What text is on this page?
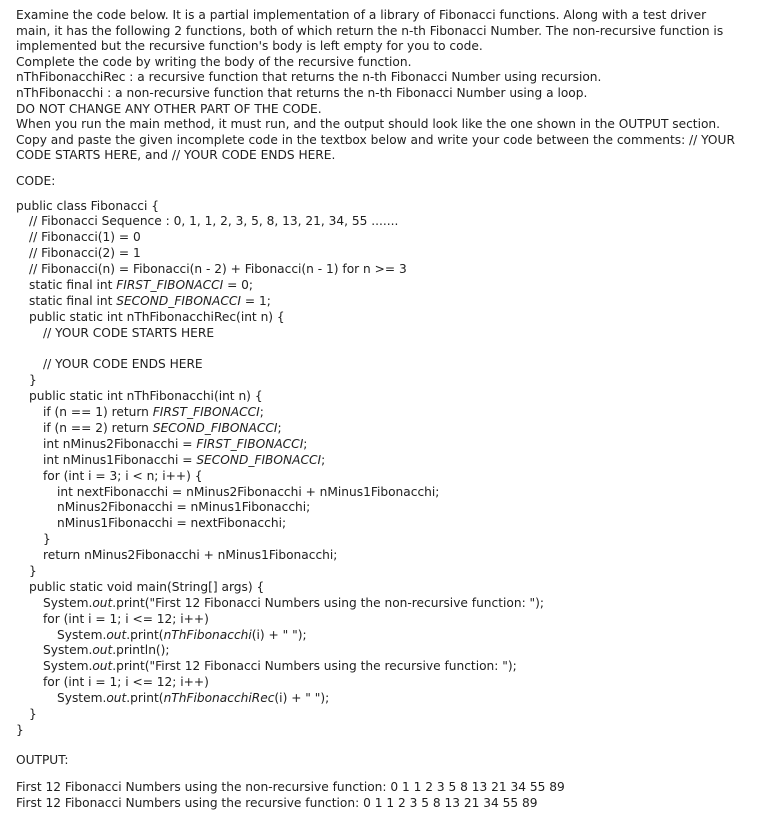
Examine the code below. It is a partial implementation of a library of Fibonacci functions. Along with a test driver
main, it has the following 2 functions, both of which return the n-th Fibonacci Number. The non-recursive function is
implemented but the recursive function's body is left empty for you to code.
Complete the code by writing the body of the recursive function.
nThFibonacchiRec : a recursive function that returns the n-th Fibonacci Number using recursion.
nThFibonacchi : a non-recursive function that returns the n-th Fibonacci Number using a loop.
DO NOT CHANGE ANY OTHER PART OF THE CODE.
When you run the main method, it must run, and the output should look like the one shown in the OUTPUT section.
Copy and paste the given incomplete code in the textbox below and write your code between the comments: // YOUR
CODE STARTS HERE, and // YOUR CODE ENDS HERE.
CODE:
public class Fibonacci {
// Fibonacci Sequence : 0, 1, 1, 2, 3, 5, 8, 13, 21, 34, 55 .......
// Fibonacci(1) = 0
// Fibonacci(2) = 1
// Fibonacci(n) = Fibonacci(n - 2) + Fibonacci(n - 1) for n >= 3
static final int FIRST_FIBONACCI = 0;
static final int SECOND_FIBONACCI = 1;
public static int nThFibonacchiRec(int n) {
// YOUR CODE STARTS HERE
// YOUR CODE ENDS HERE
}
public static int nThFibonacchi(int n) {
if (n == 1) return FIRST_FIBONACCI;
if (n == 2) return SECOND_FIBONACCI;
int nMinus2Fibonacchi = FIRST_FIBONACCI;
int nMinus1Fibonacchi = SECOND_FIBONACCI;
for (int i = 3; i < n; i++) {
int nextFibonacchi = nMinus2Fibonacchi + nMinus1Fibonacchi;
nMinus2Fibonacchi = nMinus1Fibonacchi;
nMinus1Fibonacchi = nextFibonacchi;
}
return nMinus2Fibonacchi + nMinus1Fibonacchi;
}
public static void main(String[] args) {
System.out.print("First 12 Fibonacci Numbers using the non-recursive function: ");
for (int i = 1; i <= 12; i++)
System.out.print(nThFibonacchi(i) + " ");
System.out.println();
System.out.print("First 12 Fibonacci Numbers using the recursive function: ");
for (int i = 1; i <= 12; i++)
System.out.print(nThFibonacchiRec(i) + " ");
}
}
OUTPUT:
First 12 Fibonacci Numbers using the non-recursive function: 0 1 1 2 3 5 8 13 21 34 55 89
First 12 Fibonacci Numbers using the recursive function: 0 1 1 2 3 5 8 13 21 34 55 89
